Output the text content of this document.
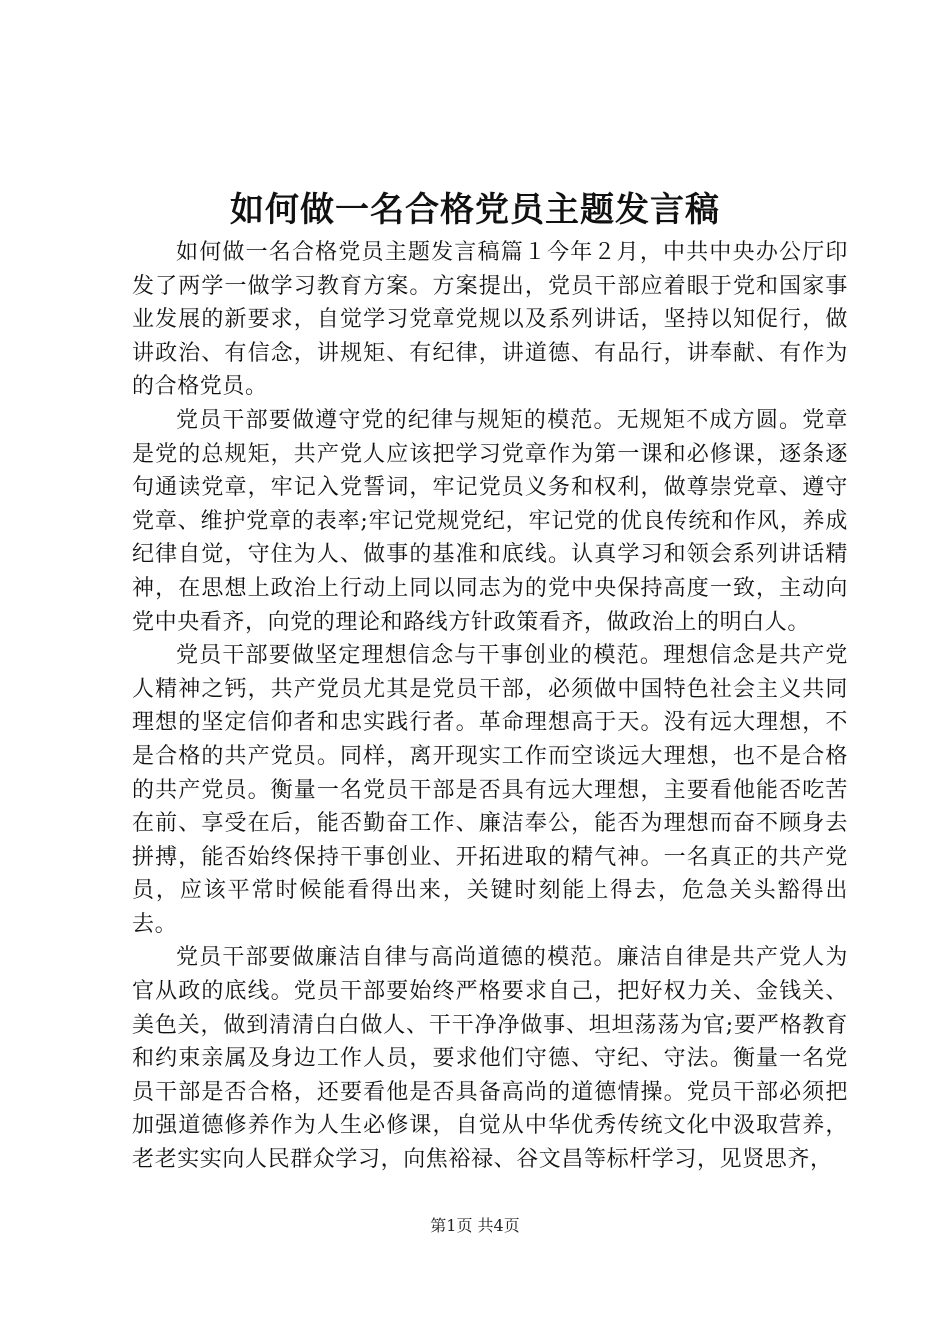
如何做一名合格党员主题发言稿

如何做一名合格党员主题发言稿篇１今年２月，中共中央办公厅印发了两学一做学习教育方案。方案提出，党员干部应着眼于党和国家事业发展的新要求，自觉学习党章党规以及系列讲话，坚持以知促行，做讲政治、有信念，讲规矩、有纪律，讲道德、有品行，讲奉献、有作为的合格党员。

党员干部要做遵守党的纪律与规矩的模范。无规矩不成方圆。党章是党的总规矩，共产党人应该把学习党章作为第一课和必修课，逐条逐句通读党章，牢记入党誓词，牢记党员义务和权利，做尊崇党章、遵守党章、维护党章的表率;牢记党规党纪，牢记党的优良传统和作风，养成纪律自觉，守住为人、做事的基准和底线。认真学习和领会系列讲话精神，在思想上政治上行动上同以同志为的党中央保持高度一致，主动向党中央看齐，向党的理论和路线方针政策看齐，做政治上的明白人。

党员干部要做坚定理想信念与干事创业的模范。理想信念是共产党人精神之钙，共产党员尤其是党员干部，必须做中国特色社会主义共同理想的坚定信仰者和忠实践行者。革命理想高于天。没有远大理想，不是合格的共产党员。同样，离开现实工作而空谈远大理想，也不是合格的共产党员。衡量一名党员干部是否具有远大理想，主要看他能否吃苦在前、享受在后，能否勤奋工作、廉洁奉公，能否为理想而奋不顾身去拼搏，能否始终保持干事创业、开拓进取的精气神。一名真正的共产党员，应该平常时候能看得出来，关键时刻能上得去，危急关头豁得出去。

党员干部要做廉洁自律与高尚道德的模范。廉洁自律是共产党人为官从政的底线。党员干部要始终严格要求自己，把好权力关、金钱关、美色关，做到清清白白做人、干干净净做事、坦坦荡荡为官;要严格教育和约束亲属及身边工作人员，要求他们守德、守纪、守法。衡量一名党员干部是否合格，还要看他是否具备高尚的道德情操。党员干部必须把加强道德修养作为人生必修课，自觉从中华优秀传统文化中汲取营养，老老实实向人民群众学习，向焦裕禄、谷文昌等标杆学习，见贤思齐，

第1页 共4页
